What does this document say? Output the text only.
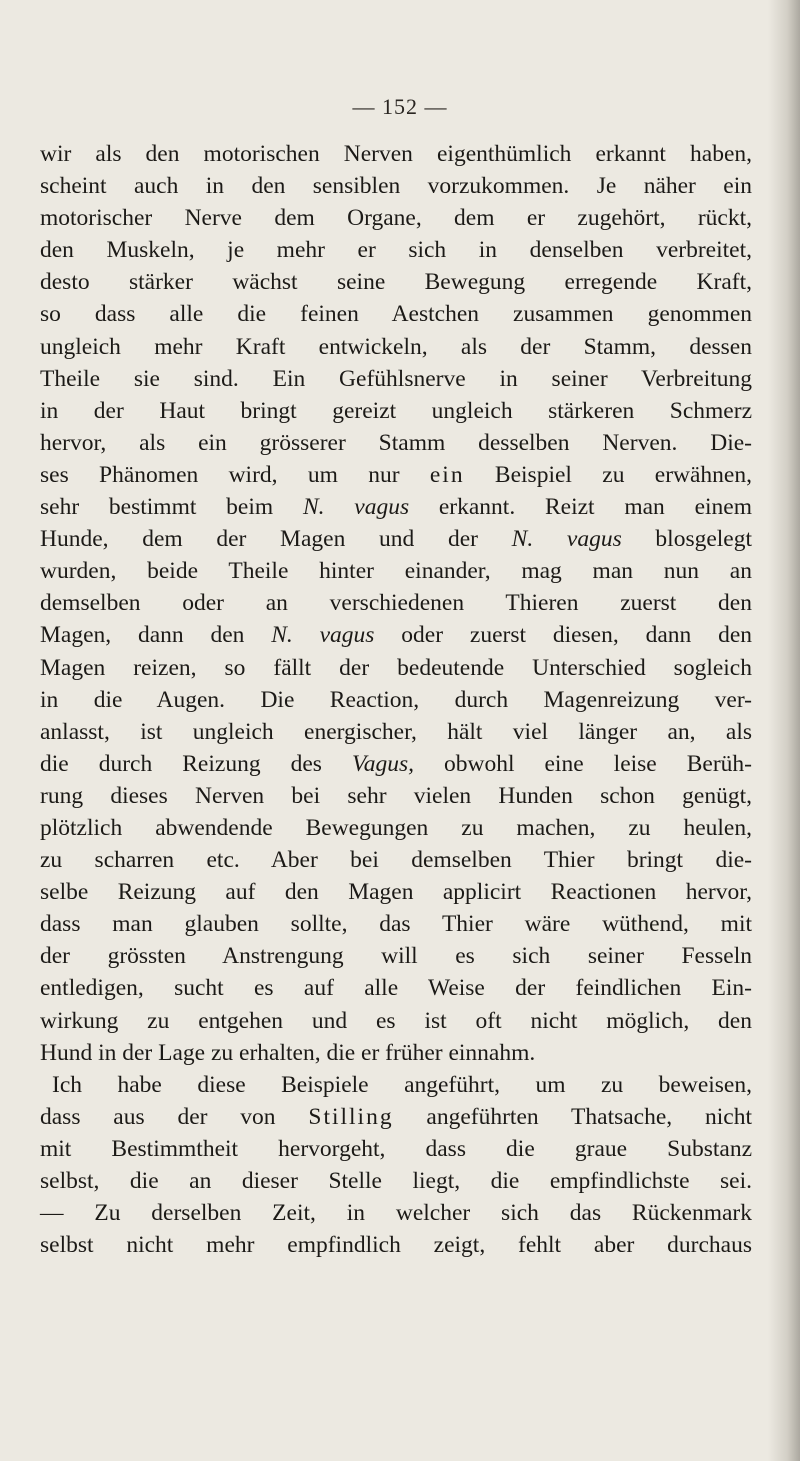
— 152 —
wir als den motorischen Nerven eigenthümlich erkannt haben,
scheint auch in den sensiblen vorzukommen. Je näher ein
motorischer Nerve dem Organe, dem er zugehört, rückt,
den Muskeln, je mehr er sich in denselben verbreitet,
desto stärker wächst seine Bewegung erregende Kraft,
so dass alle die feinen Aestchen zusammen genommen
ungleich mehr Kraft entwickeln, als der Stamm, dessen
Theile sie sind. Ein Gefühlsnerve in seiner Verbreitung
in der Haut bringt gereizt ungleich stärkeren Schmerz
hervor, als ein grösserer Stamm desselben Nerven. Die-
ses Phänomen wird, um nur ein Beispiel zu erwähnen,
sehr bestimmt beim N. vagus erkannt. Reizt man einem
Hunde, dem der Magen und der N. vagus blosgelegt
wurden, beide Theile hinter einander, mag man nun an
demselben oder an verschiedenen Thieren zuerst den
Magen, dann den N. vagus oder zuerst diesen, dann den
Magen reizen, so fällt der bedeutende Unterschied sogleich
in die Augen. Die Reaction, durch Magenreizung ver-
anlasst, ist ungleich energischer, hält viel länger an, als
die durch Reizung des Vagus, obwohl eine leise Berüh-
rung dieses Nerven bei sehr vielen Hunden schon genügt,
plötzlich abwendende Bewegungen zu machen, zu heulen,
zu scharren etc. Aber bei demselben Thier bringt die-
selbe Reizung auf den Magen applicirt Reactionen hervor,
dass man glauben sollte, das Thier wäre wüthend, mit
der grössten Anstrengung will es sich seiner Fesseln
entledigen, sucht es auf alle Weise der feindlichen Ein-
wirkung zu entgehen und es ist oft nicht möglich, den
Hund in der Lage zu erhalten, die er früher einnahm.
Ich habe diese Beispiele angeführt, um zu beweisen,
dass aus der von Stilling angeführten Thatsache, nicht
mit Bestimmtheit hervorgeht, dass die graue Substanz
selbst, die an dieser Stelle liegt, die empfindlichste sei.
— Zu derselben Zeit, in welcher sich das Rückenmark
selbst nicht mehr empfindlich zeigt, fehlt aber durchaus
